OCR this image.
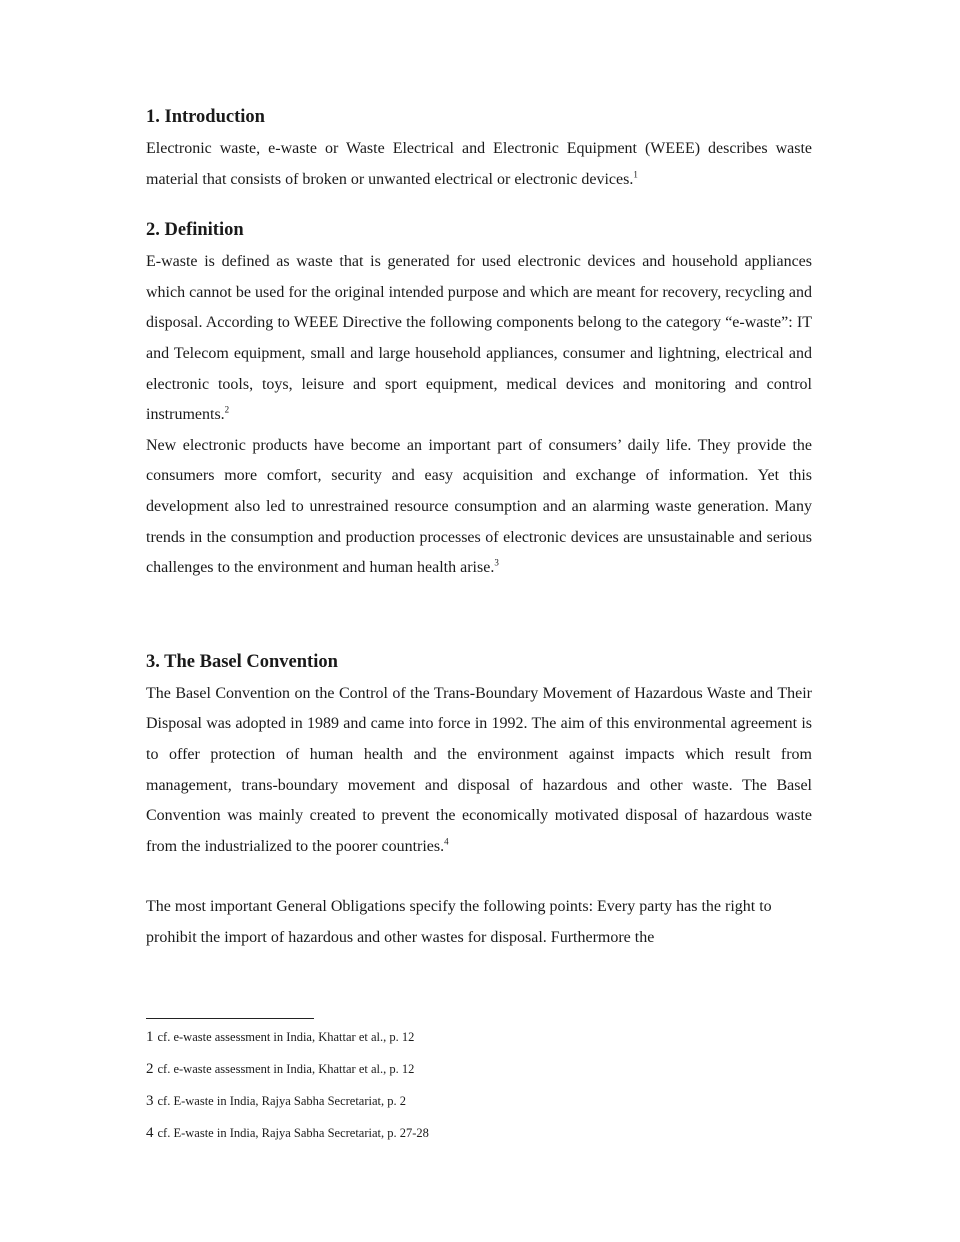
1. Introduction

Electronic waste, e-waste or Waste Electrical and Electronic Equipment (WEEE) describes waste material that consists of broken or unwanted electrical or electronic devices.$^1$

2. Definition

E-waste is defined as waste that is generated for used electronic devices and household appliances which cannot be used for the original intended purpose and which are meant for recovery, recycling and disposal. According to WEEE Directive the following components belong to the category “e-waste”: IT and Telecom equipment, small and large household appliances, consumer and lightning, electrical and electronic tools, toys, leisure and sport equipment, medical devices and monitoring and control instruments.$^2$

New electronic products have become an important part of consumers’ daily life. They provide the consumers more comfort, security and easy acquisition and exchange of information. Yet this development also led to unrestrained resource consumption and an alarming waste generation. Many trends in the consumption and production processes of electronic devices are unsustainable and serious challenges to the environment and human health arise.$^3$

3. The Basel Convention

The Basel Convention on the Control of the Trans-Boundary Movement of Hazardous Waste and Their Disposal was adopted in 1989 and came into force in 1992. The aim of this environmental agreement is to offer protection of human health and the environment against impacts which result from management, trans-boundary movement and disposal of hazardous and other waste. The Basel Convention was mainly created to prevent the economically motivated disposal of hazardous waste from the industrialized to the poorer countries.$^4$

The most important General Obligations specify the following points: Every party has the right to prohibit the import of hazardous and other wastes for disposal. Furthermore the

1 cf. e-waste assessment in India, Khattar et al., p. 12
2 cf. e-waste assessment in India, Khattar et al., p. 12
3 cf. E-waste in India, Rajya Sabha Secretariat, p. 2
4 cf. E-waste in India, Rajya Sabha Secretariat, p. 27-28
